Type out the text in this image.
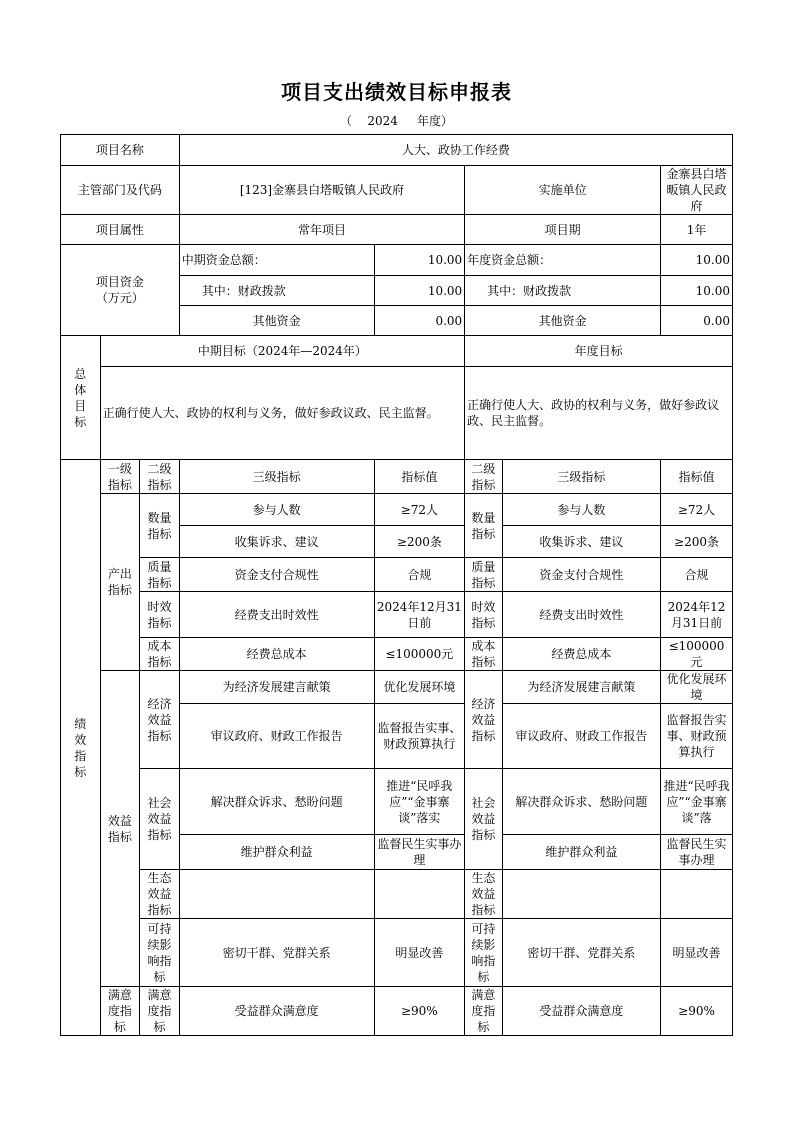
项目支出绩效目标申报表
（ 2024 年度）
项目名称			人大、政协工作经费				
主管部门及代码			[123]金寨县白塔畈镇人民政府		实施单位		金寨县白塔畈镇人民政府
项目属性			常年项目		项目期		1年

项目资金
（万元）			中期资金总额：	10.00	年度资金总额：		10.00
			其中：财政拨款	10.00	其中：财政拨款		10.00
			其他资金	0.00	其他资金		0.00
总体目标	中期目标（2024年—2024年）				年度目标		
	正确行使人大、政协的权利与义务，做好参政议政、民主监督。				正确行使人大、政协的权利与义务，做好参政议政、民主监督。		
绩效指标	一级指标	二级指标	三级指标	指标值	二级指标	三级指标	指标值
	产出指标	数量指标	参与人数	≥72人	数量指标	参与人数	≥72人
			收集诉求、建议	≥200条		收集诉求、建议	≥200条
		质量指标	资金支付合规性	合规	质量指标	资金支付合规性	合规
		时效指标	经费支出时效性	2024年12月31日前	时效指标	经费支出时效性	2024年12月31日前
		成本指标	经费总成本	≤100000元	成本指标	经费总成本	≤100000元

	效益指标	经济效益指标	为经济发展建言献策	优化发展环境	经济效益指标	为经济发展建言献策	优化发展环境
			审议政府、财政工作报告	监督报告实事、财政预算执行		审议政府、财政工作报告	监督报告实事、财政预算执行
		社会效益指标	解决群众诉求、愁盼问题	推进“民呼我应”“金事寨谈”落实	社会效益指标	解决群众诉求、愁盼问题	推进“民呼我应”“金事寨谈”落
			维护群众利益	监督民生实事办理		维护群众利益	监督民生实事办理
		生态效益指标			生态效益指标		
		可持续影响指标	密切干群、党群关系	明显改善	可持续影响指标	密切干群、党群关系	明显改善

	满意度指标	满意度指标	受益群众满意度	≥90%	满意度指标	受益群众满意度	≥90%
